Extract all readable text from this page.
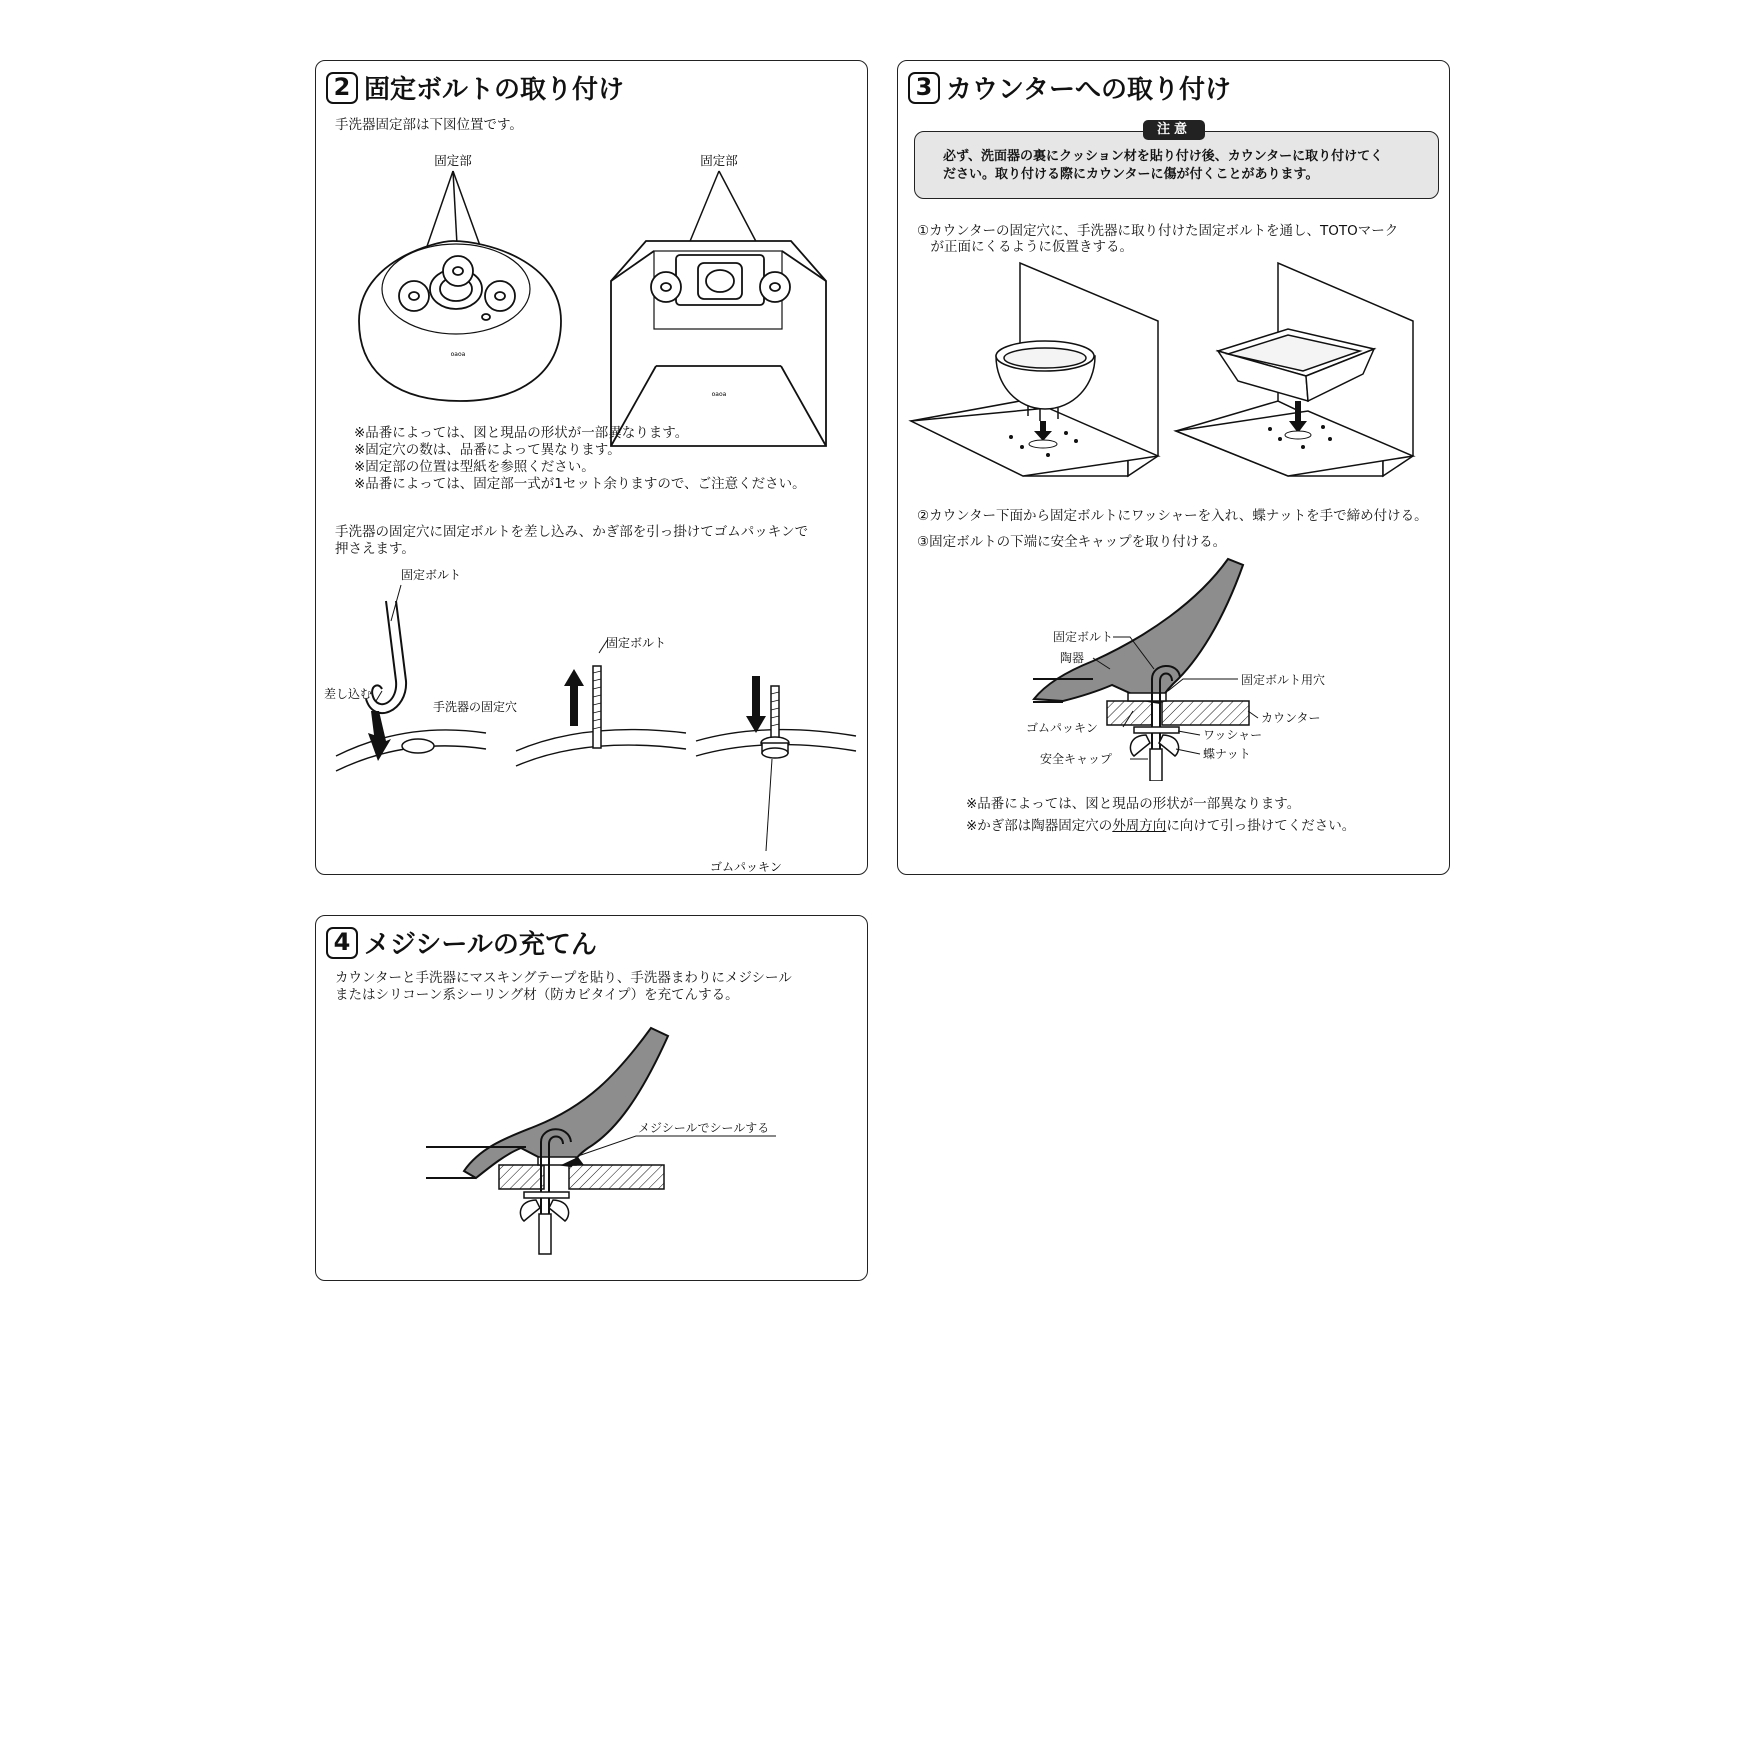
2 固定ボルトの取り付け
手洗器固定部は下図位置です。
固定部	固定部
oaoa
oaoa
※品番によっては、図と現品の形状が一部異なります。
※固定穴の数は、品番によって異なります。
※固定部の位置は型紙を参照ください。
※品番によっては、固定部一式が1セット余りますので、ご注意ください。
手洗器の固定穴に固定ボルトを差し込み、かぎ部を引っ掛けてゴムパッキンで
押さえます。
固定ボルト
差し込む
手洗器の固定穴
固定ボルト
ゴムパッキン
3 カウンターへの取り付け
注意
必ず、洗面器の裏にクッション材を貼り付け後、カウンターに取り付けてく
ださい。取り付ける際にカウンターに傷が付くことがあります。
①カウンターの固定穴に、手洗器に取り付けた固定ボルトを通し、TOTOマーク
　が正面にくるように仮置きする。
②カウンター下面から固定ボルトにワッシャーを入れ、蝶ナットを手で締め付ける。
③固定ボルトの下端に安全キャップを取り付ける。
固定ボルト
陶器
固定ボルト用穴
カウンター
ゴムパッキン	ワッシャー
蝶ナット
安全キャップ
※品番によっては、図と現品の形状が一部異なります。
※かぎ部は陶器固定穴の外周方向に向けて引っ掛けてください。
4 メジシールの充てん
カウンターと手洗器にマスキングテープを貼り、手洗器まわりにメジシール
またはシリコーン系シーリング材（防カビタイプ）を充てんする。
メジシールでシールする
